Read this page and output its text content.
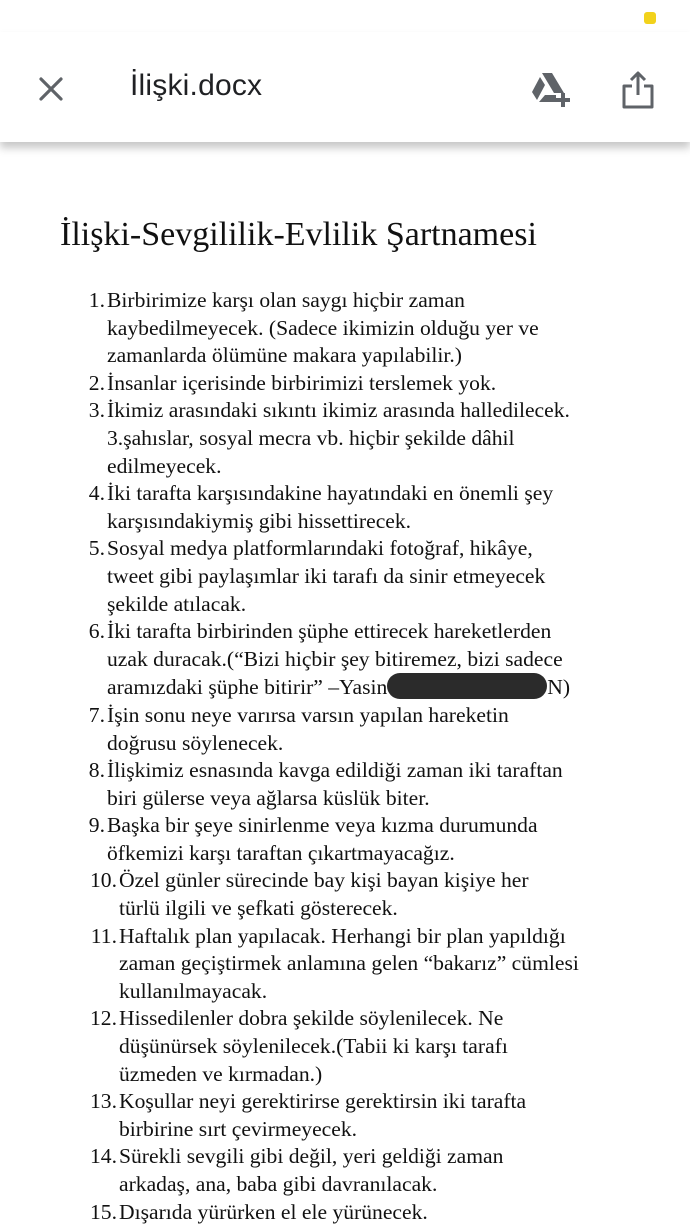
İlişki.docx
İlişki-Sevgililik-Evlilik Şartnamesi
1. Birbirimize karşı olan saygı hiçbir zaman
kaybedilmeyecek. (Sadece ikimizin olduğu yer ve
zamanlarda ölümüne makara yapılabilir.)
2. İnsanlar içerisinde birbirimizi terslemek yok.
3. İkimiz arasındaki sıkıntı ikimiz arasında halledilecek.
3.şahıslar, sosyal mecra vb. hiçbir şekilde dâhil
edilmeyecek.
4. İki tarafta karşısındakine hayatındaki en önemli şey
karşısındakiymiş gibi hissettirecek.
5. Sosyal medya platformlarındaki fotoğraf, hikâye,
tweet gibi paylaşımlar iki tarafı da sinir etmeyecek
şekilde atılacak.
6. İki tarafta birbirinden şüphe ettirecek hareketlerden
uzak duracak.(“Bizi hiçbir şey bitiremez, bizi sadece
aramızdaki şüphe bitirir” –Yasin	N)
7. İşin sonu neye varırsa varsın yapılan hareketin
doğrusu söylenecek.
8. İlişkimiz esnasında kavga edildiği zaman iki taraftan
biri gülerse veya ağlarsa küslük biter.
9. Başka bir şeye sinirlenme veya kızma durumunda
öfkemizi karşı taraftan çıkartmayacağız.
10. Özel günler sürecinde bay kişi bayan kişiye her
türlü ilgili ve şefkati gösterecek.
11. Haftalık plan yapılacak. Herhangi bir plan yapıldığı
zaman geçiştirmek anlamına gelen “bakarız” cümlesi
kullanılmayacak.
12. Hissedilenler dobra şekilde söylenilecek. Ne
düşünürsek söylenilecek.(Tabii ki karşı tarafı
üzmeden ve kırmadan.)
13. Koşullar neyi gerektirirse gerektirsin iki tarafta
birbirine sırt çevirmeyecek.
14. Sürekli sevgili gibi değil, yeri geldiği zaman
arkadaş, ana, baba gibi davranılacak.
15. Dışarıda yürürken el ele yürünecek.
